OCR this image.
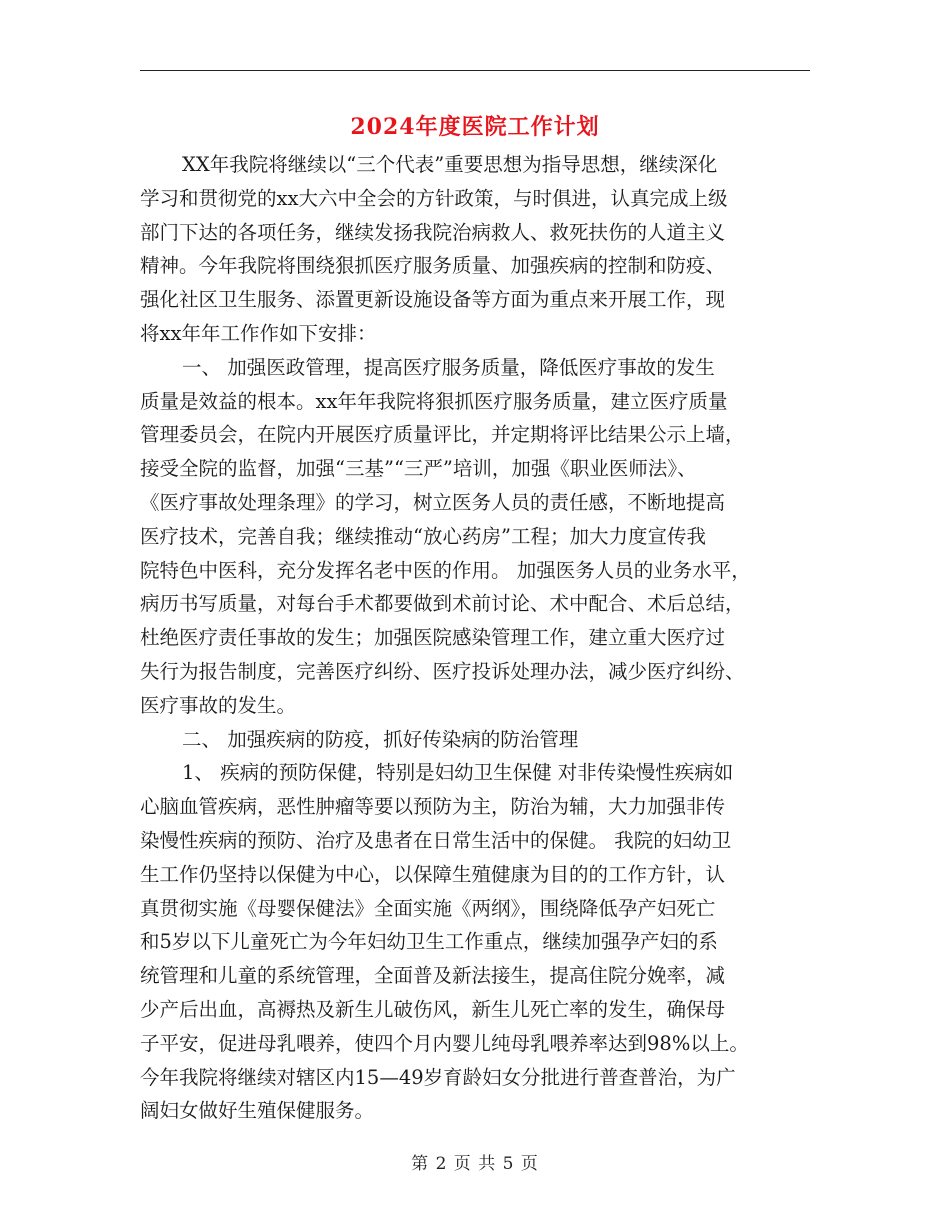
2024年度医院工作计划
XX年我院将继续以“三个代表”重要思想为指导思想，继续深化
学习和贯彻党的xx大六中全会的方针政策，与时俱进，认真完成上级
部门下达的各项任务，继续发扬我院治病救人、救死扶伤的人道主义
精神。今年我院将围绕狠抓医疗服务质量、加强疾病的控制和防疫、
强化社区卫生服务、添置更新设施设备等方面为重点来开展工作，现
将xx年年工作作如下安排：
一、 加强医政管理，提高医疗服务质量，降低医疗事故的发生
质量是效益的根本。xx年年我院将狠抓医疗服务质量，建立医疗质量
管理委员会，在院内开展医疗质量评比，并定期将评比结果公示上墙，
接受全院的监督，加强“三基”“三严”培训，加强《职业医师法》、
《医疗事故处理条理》的学习，树立医务人员的责任感，不断地提高
医疗技术，完善自我；继续推动“放心药房”工程；加大力度宣传我
院特色中医科，充分发挥名老中医的作用。 加强医务人员的业务水平，
病历书写质量，对每台手术都要做到术前讨论、术中配合、术后总结，
杜绝医疗责任事故的发生；加强医院感染管理工作，建立重大医疗过
失行为报告制度，完善医疗纠纷、医疗投诉处理办法，减少医疗纠纷、
医疗事故的发生。
二、 加强疾病的防疫，抓好传染病的防治管理
1、 疾病的预防保健，特别是妇幼卫生保健 对非传染慢性疾病如
心脑血管疾病，恶性肿瘤等要以预防为主，防治为辅，大力加强非传
染慢性疾病的预防、治疗及患者在日常生活中的保健。 我院的妇幼卫
生工作仍坚持以保健为中心，以保障生殖健康为目的的工作方针，认
真贯彻实施《母婴保健法》全面实施《两纲》，围绕降低孕产妇死亡
和5岁以下儿童死亡为今年妇幼卫生工作重点，继续加强孕产妇的系
统管理和儿童的系统管理，全面普及新法接生，提高住院分娩率，减
少产后出血，高褥热及新生儿破伤风，新生儿死亡率的发生，确保母
子平安，促进母乳喂养，使四个月内婴儿纯母乳喂养率达到98%以上。
今年我院将继续对辖区内15—49岁育龄妇女分批进行普查普治，为广
阔妇女做好生殖保健服务。
第 2 页 共 5 页
